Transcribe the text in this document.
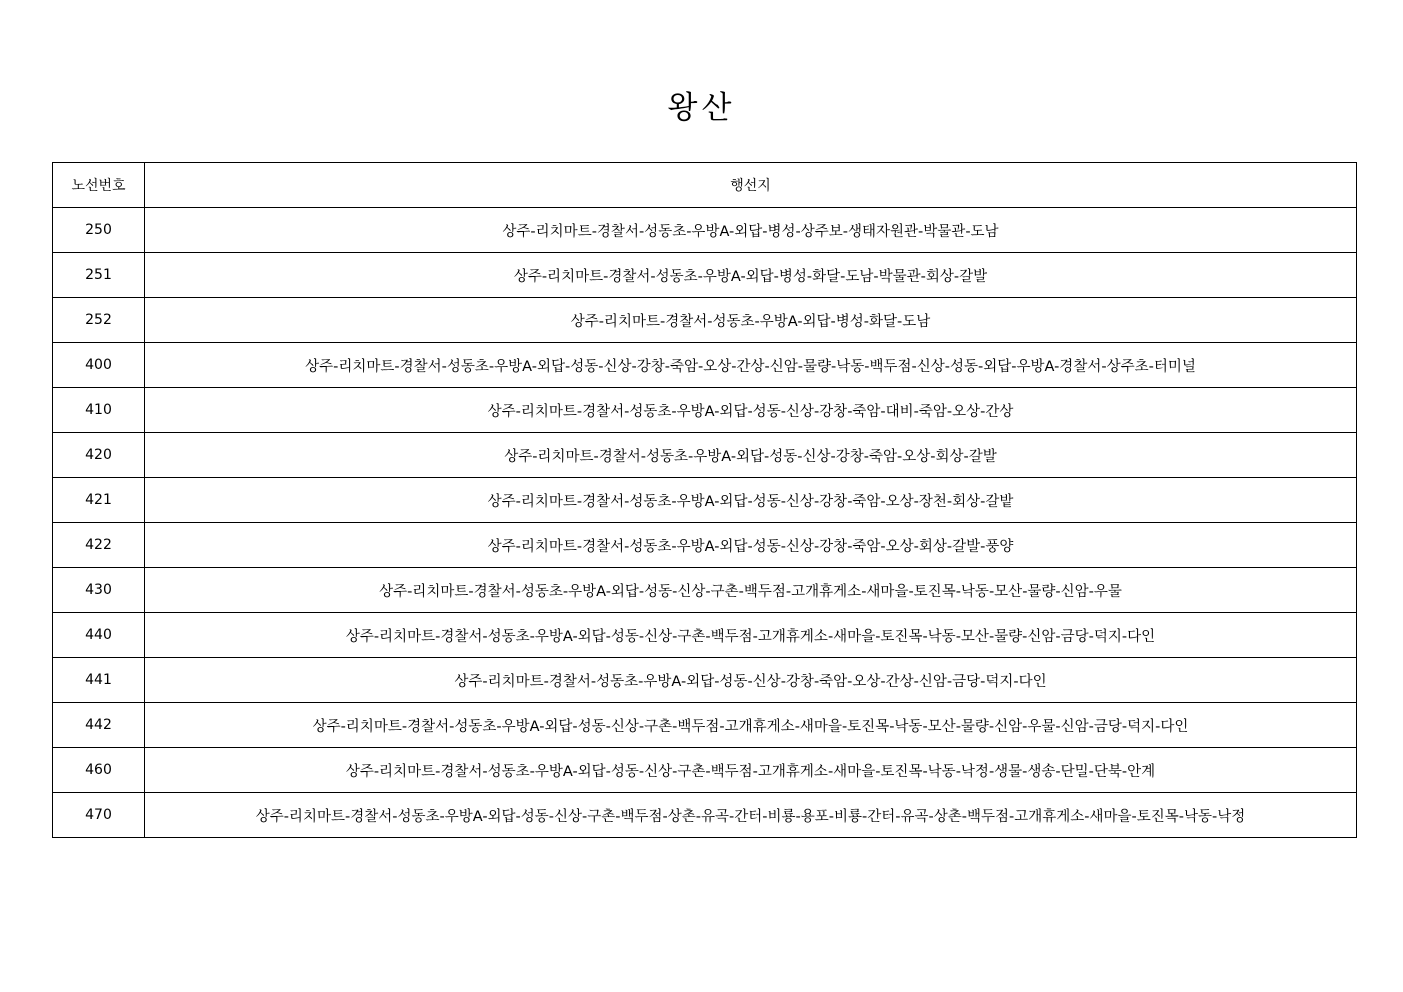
왕산
노선번호	행선지
250	상주-리치마트-경찰서-성동초-우방A-외답-병성-상주보-생태자원관-박물관-도남
251	상주-리치마트-경찰서-성동초-우방A-외답-병성-화달-도남-박물관-회상-갈발
252	상주-리치마트-경찰서-성동초-우방A-외답-병성-화달-도남
400	상주-리치마트-경찰서-성동초-우방A-외답-성동-신상-강창-죽암-오상-간상-신암-물량-낙동-백두점-신상-성동-외답-우방A-경찰서-상주초-터미널
410	상주-리치마트-경찰서-성동초-우방A-외답-성동-신상-강창-죽암-대비-죽암-오상-간상
420	상주-리치마트-경찰서-성동초-우방A-외답-성동-신상-강창-죽암-오상-회상-갈발
421	상주-리치마트-경찰서-성동초-우방A-외답-성동-신상-강창-죽암-오상-장천-회상-갈밭
422	상주-리치마트-경찰서-성동초-우방A-외답-성동-신상-강창-죽암-오상-회상-갈발-풍양
430	상주-리치마트-경찰서-성동초-우방A-외답-성동-신상-구촌-백두점-고개휴게소-새마을-토진목-낙동-모산-물량-신암-우물
440	상주-리치마트-경찰서-성동초-우방A-외답-성동-신상-구촌-백두점-고개휴게소-새마을-토진목-낙동-모산-물량-신암-금당-덕지-다인
441	상주-리치마트-경찰서-성동초-우방A-외답-성동-신상-강창-죽암-오상-간상-신암-금당-덕지-다인
442	상주-리치마트-경찰서-성동초-우방A-외답-성동-신상-구촌-백두점-고개휴게소-새마을-토진목-낙동-모산-물량-신암-우물-신암-금당-덕지-다인
460	상주-리치마트-경찰서-성동초-우방A-외답-성동-신상-구촌-백두점-고개휴게소-새마을-토진목-낙동-낙정-생물-생송-단밀-단북-안계
470	상주-리치마트-경찰서-성동초-우방A-외답-성동-신상-구촌-백두점-상촌-유곡-간터-비룡-용포-비룡-간터-유곡-상촌-백두점-고개휴게소-새마을-토진목-낙동-낙정
